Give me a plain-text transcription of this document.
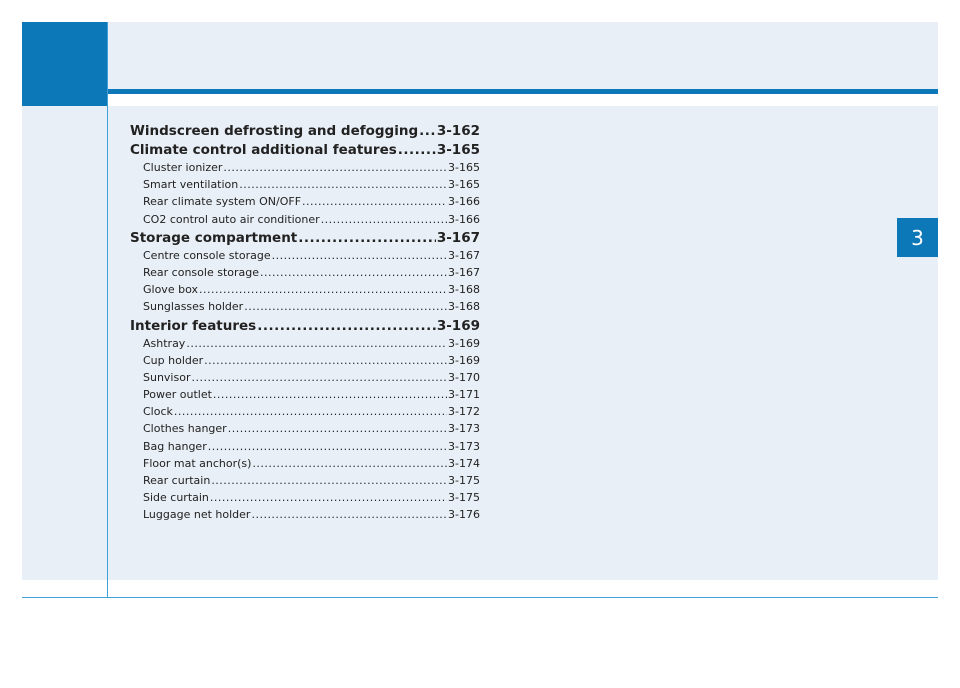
3
Windscreen defrosting and defogging ..... 3-162
Climate control additional features .....	3-165
Cluster ionizer .....	3-165
Smart ventilation .....	3-165
Rear climate system ON/OFF .....	3-166
CO2 control auto air conditioner .....	3-166
Storage compartment .....	3-167
Centre console storage .....	3-167
Rear console storage .....	3-167
Glove box .....	3-168
Sunglasses holder .....	3-168
Interior features .....	3-169
Ashtray .....	3-169
Cup holder .....	3-169
Sunvisor .....	3-170
Power outlet .....	3-171
Clock .....	3-172
Clothes hanger .....	3-173
Bag hanger .....	3-173
Floor mat anchor(s) .....	3-174
Rear curtain .....	3-175
Side curtain .....	3-175
Luggage net holder .....	3-176
